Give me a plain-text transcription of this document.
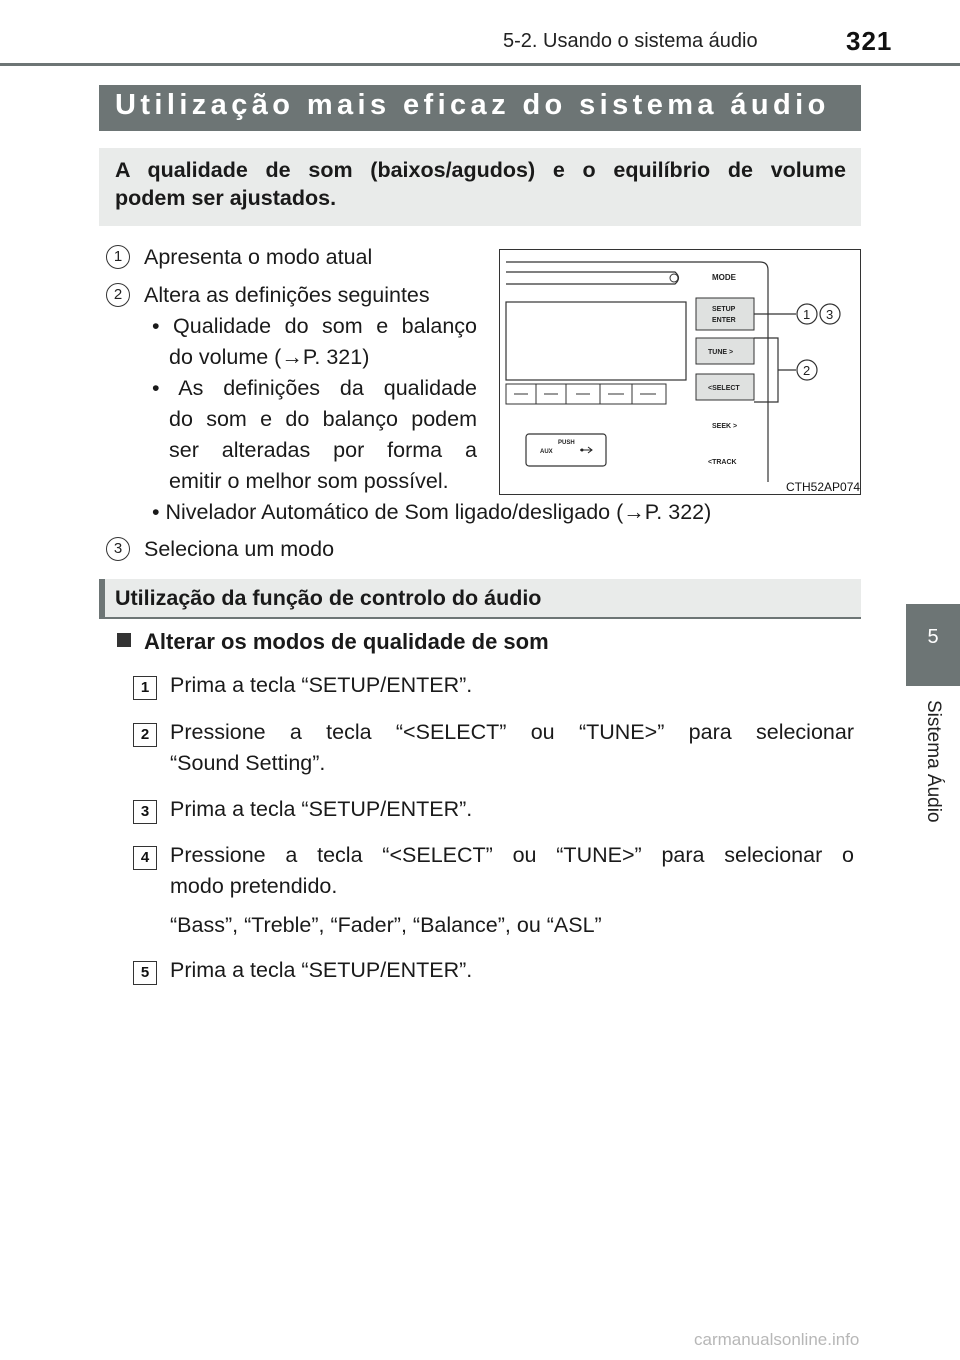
5-2. Usando o sistema áudio	321
5
Sistema Áudio
Utilização mais eficaz do sistema áudio
A qualidade de som (baixos/agudos) e o equilíbrio de volume
podem ser ajustados.
1	Apresenta o modo atual
2	Altera as definições seguintes
• Qualidade do som e balanço
do volume (→P. 321)
• As definições da qualidade
do som e do balanço podem
ser alteradas por forma a
emitir o melhor som possível.
• Nivelador Automático de Som ligado/desligado (→P. 322)
3	Seleciona um modo
PUSH
AUX
MODE
SETUP
ENTER
TUNE >
<SELECT
SEEK >
<TRACK
1 3
2
CTH52AP074
Utilização da função de controlo do áudio
Alterar os modos de qualidade de som
1 Prima a tecla “SETUP/ENTER”.
2 Pressione a tecla “<SELECT” ou “TUNE>” para selecionar
“Sound Setting”.
3 Prima a tecla “SETUP/ENTER”.
4 Pressione a tecla “<SELECT” ou “TUNE>” para selecionar o
modo pretendido.
“Bass”, “Treble”, “Fader”, “Balance”, ou “ASL”
5 Prima a tecla “SETUP/ENTER”.
carmanualsonline.info
